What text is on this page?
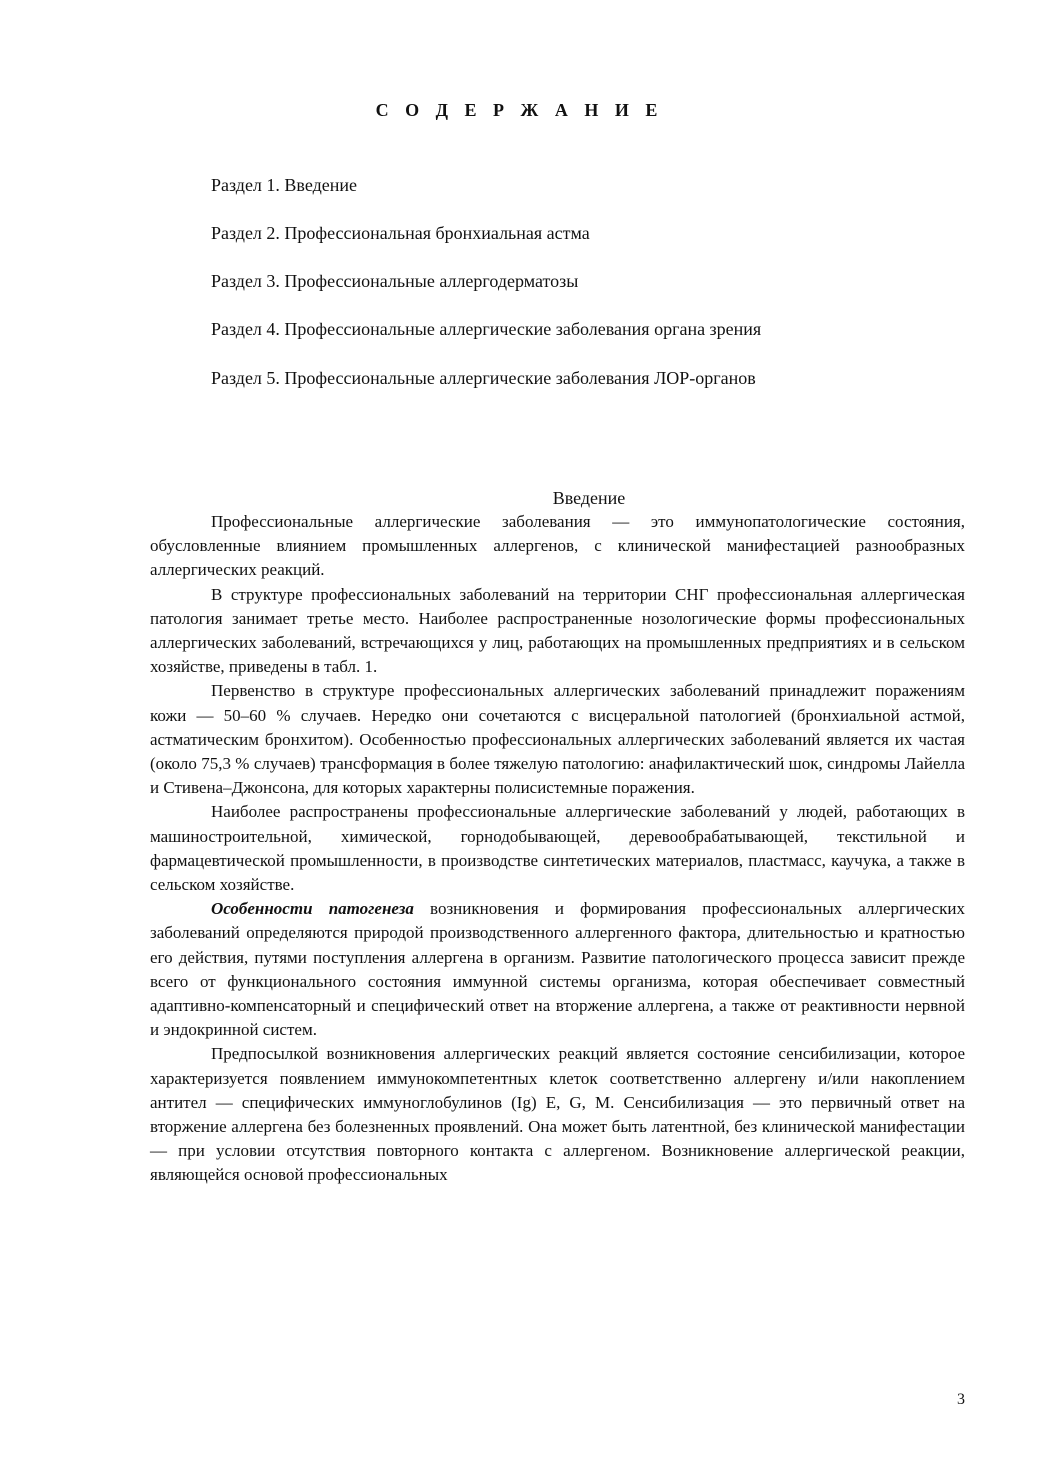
С О Д Е Р Ж А Н И Е
Раздел 1. Введение
Раздел 2. Профессиональная бронхиальная астма
Раздел 3. Профессиональные аллергодерматозы
Раздел 4. Профессиональные аллергические заболевания органа зрения
Раздел 5. Профессиональные аллергические заболевания ЛОР-органов
Введение

Профессиональные аллергические заболевания — это иммунопатологические состояния, обусловленные влиянием промышленных аллергенов, с клинической манифестацией разнообразных аллергических реакций.

В структуре профессиональных заболеваний на территории СНГ профессиональная аллергическая патология занимает третье место. Наиболее распространенные нозологические формы профессиональных аллергических заболеваний, встречающихся у лиц, работающих на промышленных предприятиях и в сельском хозяйстве, приведены в табл. 1.

Первенство в структуре профессиональных аллергических заболеваний принадлежит поражениям кожи — 50–60 % случаев. Нередко они сочетаются с висцеральной патологией (бронхиальной астмой, астматическим бронхитом). Особенностью профессиональных аллергических заболеваний является их частая (около 75,3 % случаев) трансформация в более тяжелую патологию: анафилактический шок, синдромы Лайелла и Стивена–Джонсона, для которых характерны полисистемные поражения.

Наиболее распространены профессиональные аллергические заболеваний у людей, работающих в машиностроительной, химической, горнодобывающей, деревообрабатывающей, текстильной и фармацевтической промышленности, в производстве синтетических материалов, пластмасс, каучука, а также в сельском хозяйстве.

Особенности патогенеза возникновения и формирования профессиональных аллергических заболеваний определяются природой производственного аллергенного фактора, длительностью и кратностью его действия, путями поступления аллергена в организм. Развитие патологического процесса зависит прежде всего от функционального состояния иммунной системы организма, которая обеспечивает совместный адаптивно-компенсаторный и специфический ответ на вторжение аллергена, а также от реактивности нервной и эндокринной систем.

Предпосылкой возникновения аллергических реакций является состояние сенсибилизации, которое характеризуется появлением иммунокомпетентных клеток соответственно аллергену и/или накоплением антител — специфических иммуноглобулинов (Ig) E, G, M. Сенсибилизация — это первичный ответ на вторжение аллергена без болезненных проявлений. Она может быть латентной, без клинической манифестации — при условии отсутствия повторного контакта с аллергеном. Возникновение аллергической реакции, являющейся основой профессиональных

3
